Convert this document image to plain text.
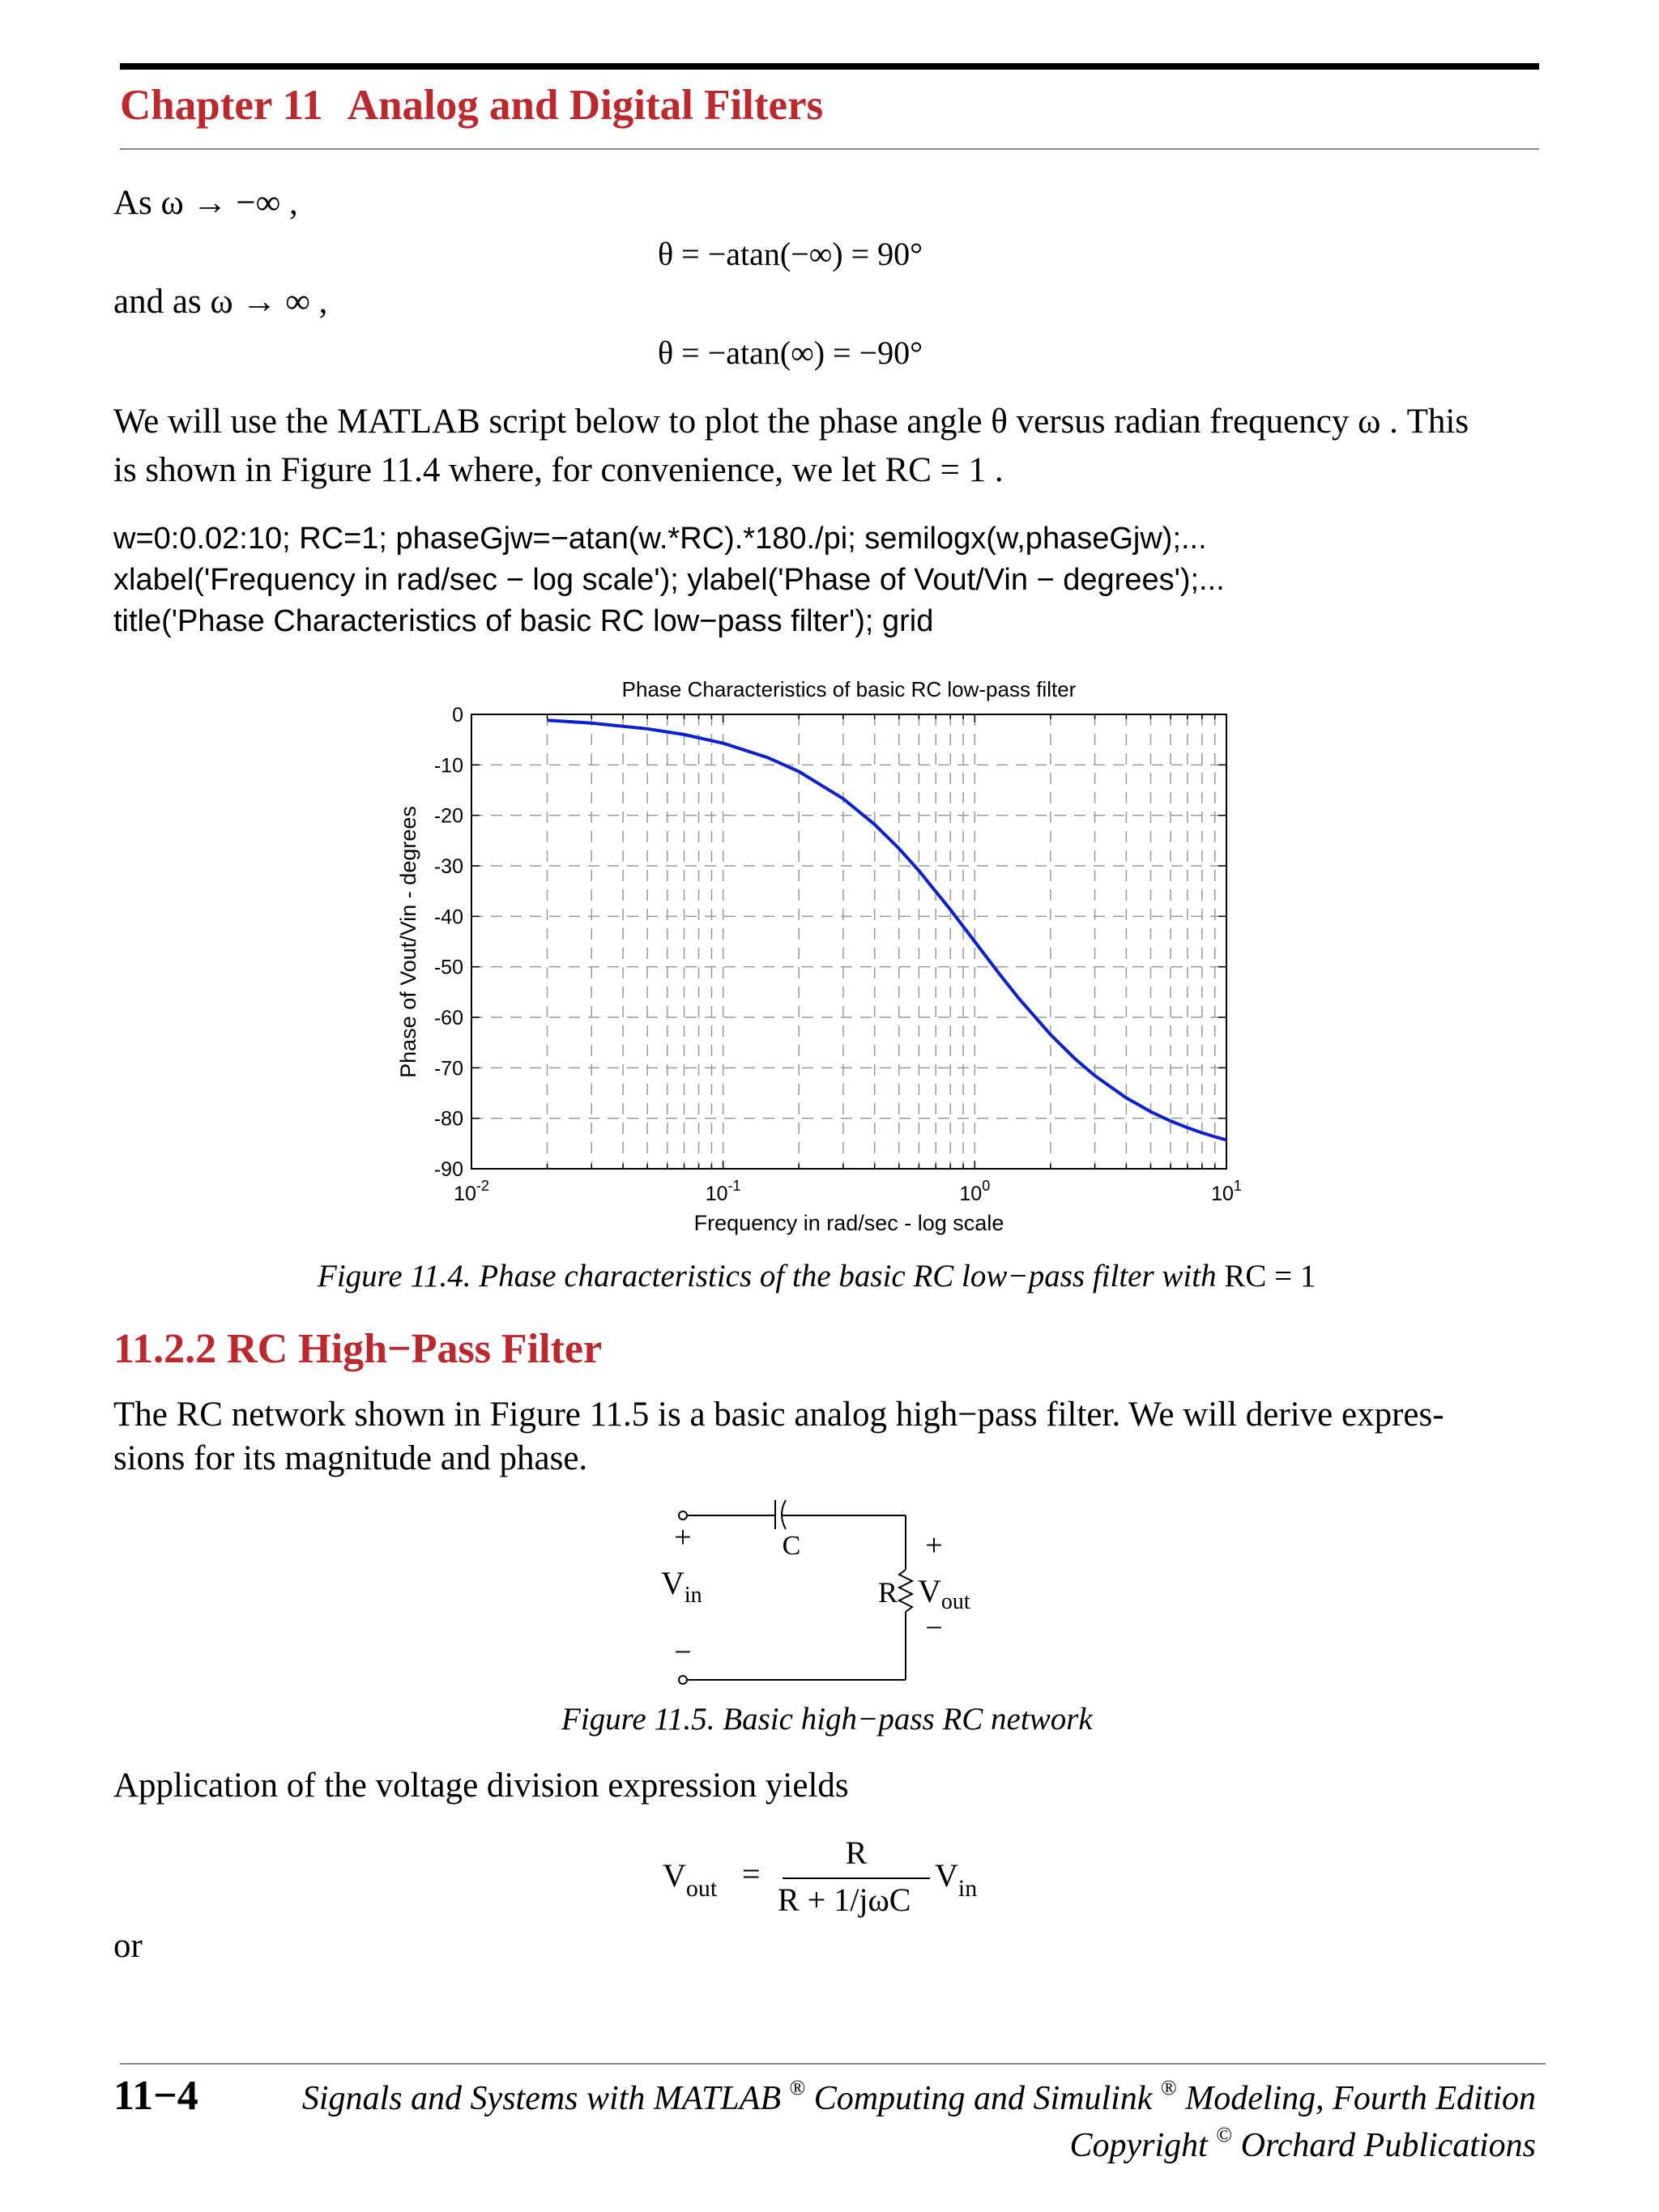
Chapter 11 Analog and Digital Filters
As ω → −∞ ,
θ = −atan(−∞) = 90°
and as ω → ∞ ,
θ = −atan(∞) = −90°
We will use the MATLAB script below to plot the phase angle θ versus radian frequency ω . This
is shown in Figure 11.4 where, for convenience, we let RC = 1 .
w=0:0.02:10; RC=1; phaseGjw=−atan(w.*RC).*180./pi; semilogx(w,phaseGjw);...
xlabel('Frequency in rad/sec − log scale'); ylabel('Phase of Vout/Vin − degrees');...
title('Phase Characteristics of basic RC low−pass filter'); grid
0
-10
-20
-30
-40
-50
-60
-70
-80
-90
$10^{-2}$	$10^{-1}$	$10^0$	$10^1$
Phase Characteristics of basic RC low-pass filter
Frequency in rad/sec - log scale
Phase of Vout/Vin - degrees
Figure 11.4. Phase characteristics of the basic RC low−pass filter with RC = 1
11.2.2 RC High−Pass Filter
The RC network shown in Figure 11.5 is a basic analog high−pass filter. We will derive expres-
sions for its magnitude and phase.
+
−
$V_{in}$
C
R
+
−
$V_{out}$
Figure 11.5. Basic high−pass RC network
Application of the voltage division expression yields
$V_{out}$ =
R
R + 1/jωC
$V_{in}$
or
11−4	Signals and Systems with MATLAB ® Computing and Simulink ® Modeling, Fourth Edition
Copyright © Orchard Publications
